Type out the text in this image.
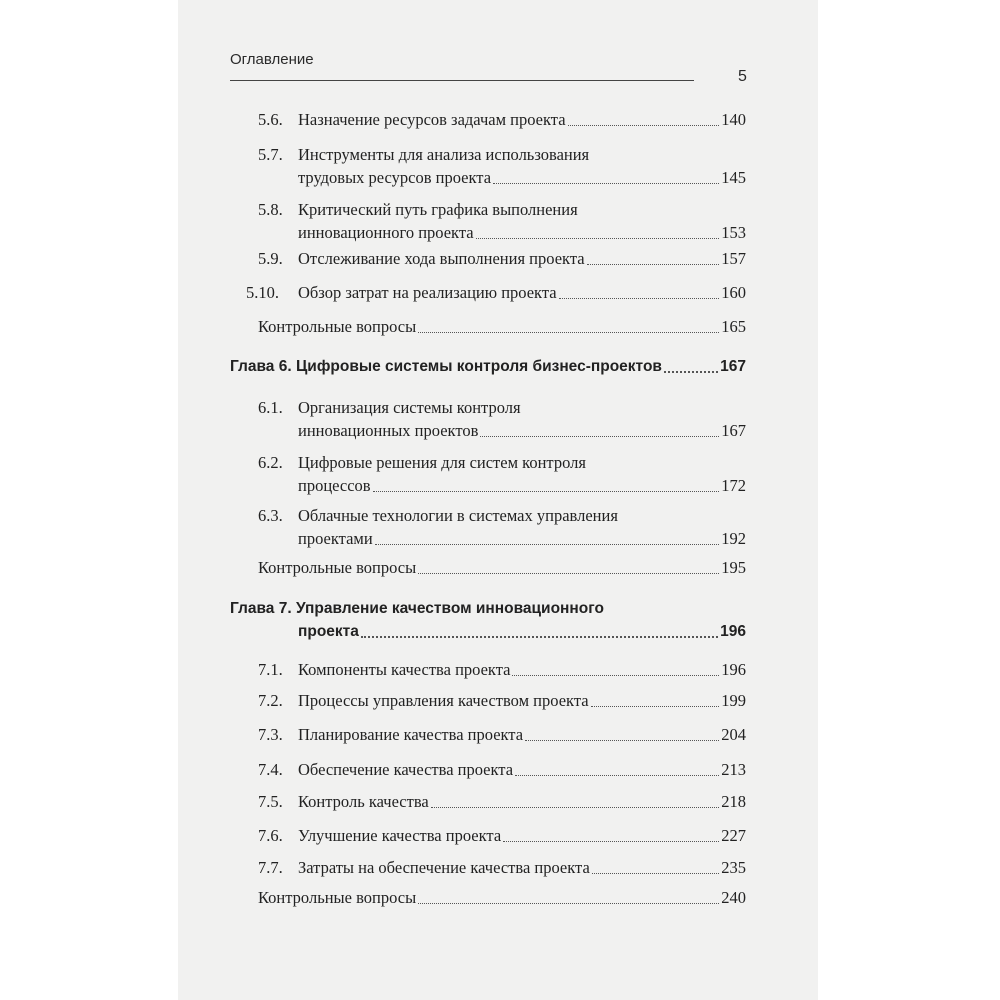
Оглавление
5
5.6. Назначение ресурсов задачам проекта	140
5.7. Инструменты для анализа использования
трудовых ресурсов проекта	145
5.8. Критический путь графика выполнения
инновационного проекта	153
5.9. Отслеживание хода выполнения проекта	157
5.10. Обзор затрат на реализацию проекта	160
Контрольные вопросы	165
Глава 6. Цифровые системы контроля бизнес-проектов	167
6.1. Организация системы контроля
инновационных проектов	167
6.2. Цифровые решения для систем контроля
процессов	172
6.3. Облачные технологии в системах управления
проектами	192
Контрольные вопросы	195
Глава 7. Управление качеством инновационного
проекта	196
7.1. Компоненты качества проекта	196
7.2. Процессы управления качеством проекта	199
7.3. Планирование качества проекта	204
7.4. Обеспечение качества проекта	213
7.5. Контроль качества	218
7.6. Улучшение качества проекта	227
7.7. Затраты на обеспечение качества проекта	235
Контрольные вопросы	240
